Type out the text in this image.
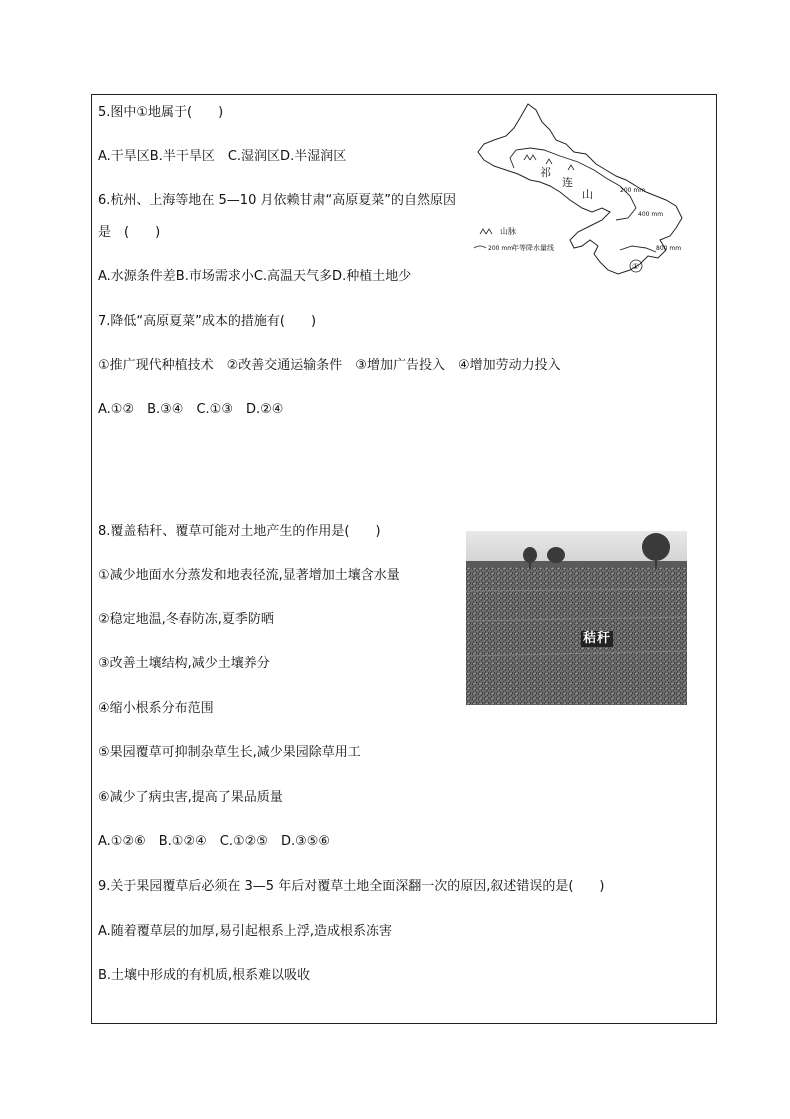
5.图中①地属于(　　)
A.干旱区B.半干旱区　C.湿润区D.半湿润区
6.杭州、上海等地在 5—10 月依赖甘肃“高原夏菜”的自然原因
是　(　　)
A.水源条件差B.市场需求小C.高温天气多D.种植土地少
7.降低“高原夏菜”成本的措施有(　　)
①推广现代种植技术　②改善交通运输条件　③增加广告投入　④增加劳动力投入
A.①②　B.③④　C.①③　D.②④
8.覆盖秸秆、覆草可能对土地产生的作用是(　　)
①减少地面水分蒸发和地表径流,显著增加土壤含水量
②稳定地温,冬春防冻,夏季防晒
③改善土壤结构,减少土壤养分
④缩小根系分布范围
⑤果园覆草可抑制杂草生长,减少果园除草用工
⑥减少了病虫害,提高了果品质量
A.①②⑥　B.①②④　C.①②⑤　D.③⑤⑥
9.关于果园覆草后必须在 3—5 年后对覆草土地全面深翻一次的原因,叙述错误的是(　　)
A.随着覆草层的加厚,易引起根系上浮,造成根系冻害
B.土壤中形成的有机质,根系难以吸收
祁
连
山	200 mm
400 mm
800 mm
①
山脉
200 mm
年等降水量线
秸秆
